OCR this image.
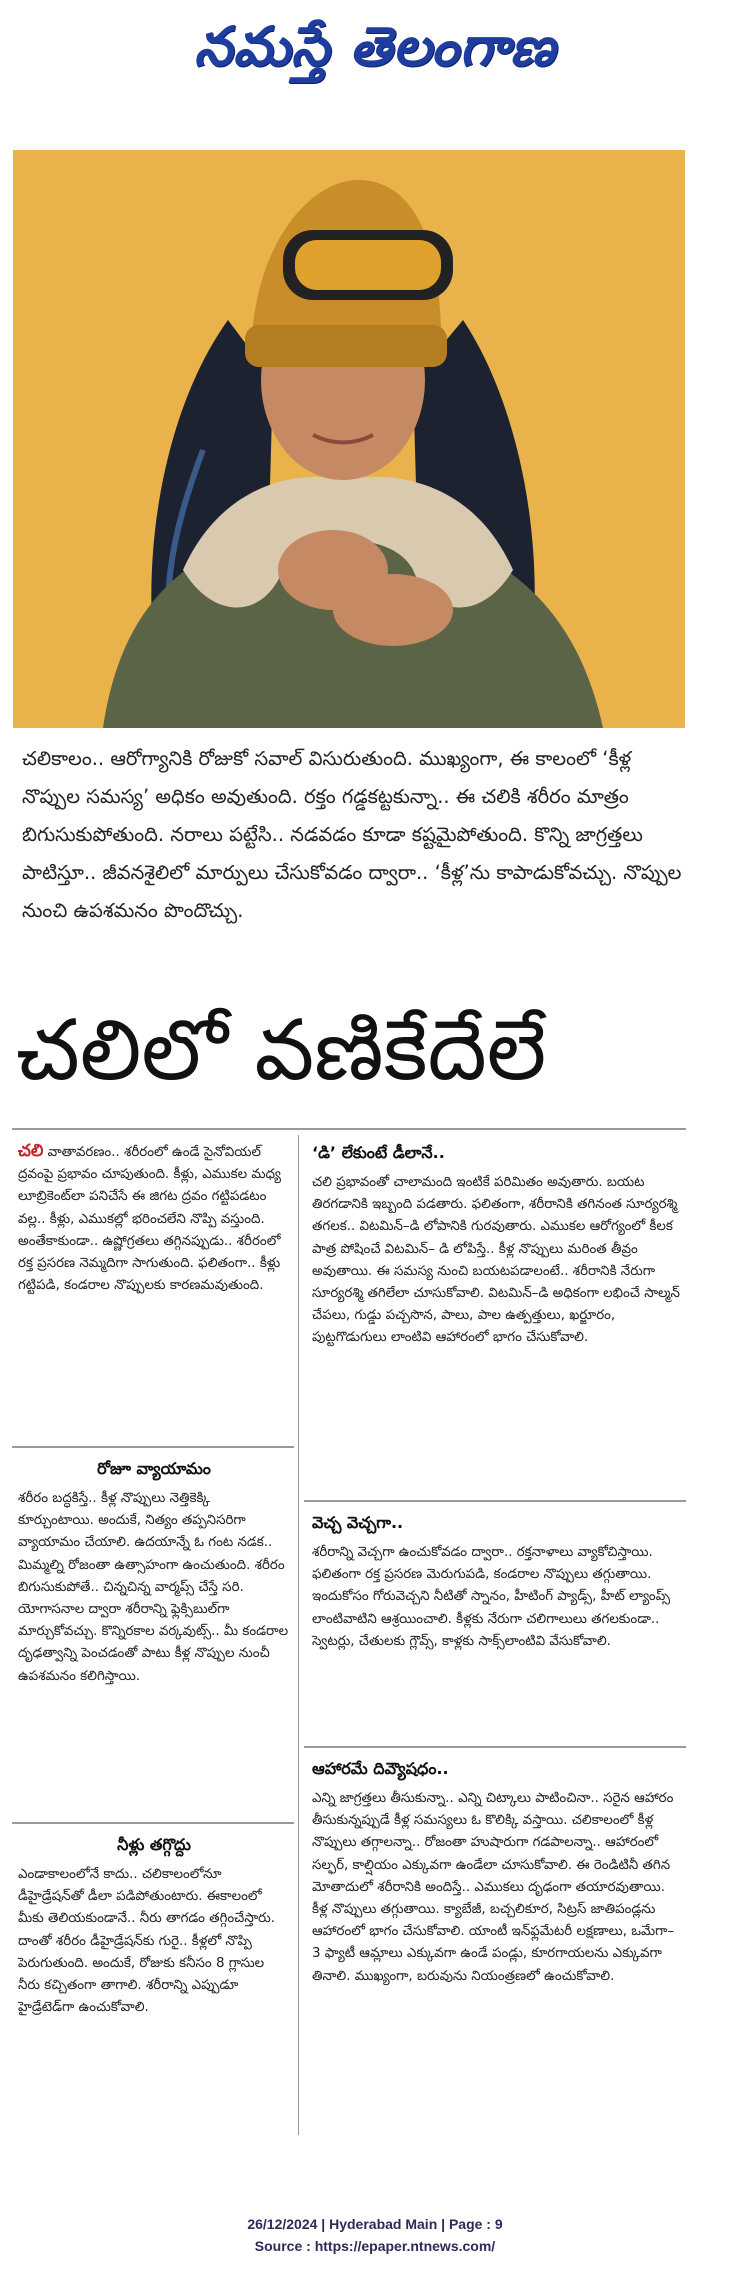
నమస్తే తెలంగాణ

చలికాలం.. ఆరోగ్యానికి రోజుకో సవాల్ విసురుతుంది. ముఖ్యంగా, ఈ కాలంలో ‘కీళ్ల నొప్పుల సమస్య’ అధికం అవుతుంది. రక్తం గడ్డకట్టకున్నా.. ఈ చలికి శరీరం మాత్రం బిగుసుకుపోతుంది. నరాలు పట్టేసి.. నడవడం కూడా కష్టమైపోతుంది. కొన్ని జాగ్రత్తలు పాటిస్తూ.. జీవనశైలిలో మార్పులు చేసుకోవడం ద్వారా.. ‘కీళ్ల’ను కాపాడుకోవచ్చు. నొప్పుల నుంచి ఉపశమనం పొందొచ్చు.

చలిలో వణికేదేలే

చలి వాతావరణం.. శరీరంలో ఉండే సైనోవియల్ ద్రవంపై ప్రభావం చూపుతుంది. కీళ్లు, ఎముకల మధ్య లూబ్రికెంట్‌లా పనిచేసే ఈ జిగట ద్రవం గట్టిపడటం వల్ల.. కీళ్లు, ఎముకల్లో భరించలేని నొప్పి వస్తుంది. అంతేకాకుండా.. ఉష్ణోగ్రతలు తగ్గినప్పుడు.. శరీరంలో రక్త ప్రసరణ నెమ్మదిగా సాగుతుంది. ఫలితంగా.. కీళ్లు గట్టిపడి, కండరాల నొప్పులకు కారణమవుతుంది.

రోజూ వ్యాయామం

శరీరం బద్ధకిస్తే.. కీళ్ల నొప్పులు నెత్తికెక్కి కూర్చుంటాయి. అందుకే, నిత్యం తప్పనిసరిగా వ్యాయామం చేయాలి. ఉదయాన్నే ఓ గంట నడక.. మిమ్మల్ని రోజంతా ఉత్సాహంగా ఉంచుతుంది. శరీరం బిగుసుకుపోతే.. చిన్నచిన్న వార్మప్స్ చేస్తే సరి. యోగాసనాల ద్వారా శరీరాన్ని ఫ్లెక్సిబుల్‌గా మార్చుకోవచ్చు. కొన్నిరకాల వర్కవుట్స్.. మీ కండరాల దృఢత్వాన్ని పెంచడంతో పాటు కీళ్ల నొప్పుల నుంచీ ఉపశమనం కలిగిస్తాయి.

నీళ్లు తగ్గొద్దు

ఎండాకాలంలోనే కాదు.. చలికాలంలోనూ డీహైడ్రేషన్‌తో డీలా పడిపోతుంటారు. ఈకాలంలో మీకు తెలియకుండానే.. నీరు తాగడం తగ్గించేస్తారు. దాంతో శరీరం డీహైడ్రేషన్‌కు గురై.. కీళ్లలో నొప్పి పెరుగుతుంది. అందుకే, రోజుకు కనీసం 8 గ్లాసుల నీరు కచ్చితంగా తాగాలి. శరీరాన్ని ఎప్పుడూ హైడ్రేటెడ్‌గా ఉంచుకోవాలి.

‘డి’ లేకుంటే డీలానే..

చలి ప్రభావంతో చాలామంది ఇంటికే పరిమితం అవుతారు. బయట తిరగడానికి ఇబ్బంది పడతారు. ఫలితంగా, శరీరానికి తగినంత సూర్యరశ్మి తగలక.. విటమిన్–డి లోపానికి గురవుతారు. ఎముకల ఆరోగ్యంలో కీలక పాత్ర పోషించే విటమిన్– డి లోపిస్తే.. కీళ్ల నొప్పులు మరింత తీవ్రం అవుతాయి. ఈ సమస్య నుంచి బయటపడాలంటే.. శరీరానికి నేరుగా సూర్యరశ్మి తగిలేలా చూసుకోవాలి. విటమిన్–డి అధికంగా లభించే సాల్మన్ చేపలు, గుడ్డు పచ్చసొన, పాలు, పాల ఉత్పత్తులు, ఖర్జూరం, పుట్టగొడుగులు లాంటివి ఆహారంలో భాగం చేసుకోవాలి.

వెచ్చ వెచ్చగా..

శరీరాన్ని వెచ్చగా ఉంచుకోవడం ద్వారా.. రక్తనాళాలు వ్యాకోచిస్తాయి. ఫలితంగా రక్త ప్రసరణ మెరుగుపడి, కండరాల నొప్పులు తగ్గుతాయి. ఇందుకోసం గోరువెచ్చని నీటితో స్నానం, హీటింగ్ ప్యాడ్స్, హీట్ ల్యాంప్స్ లాంటివాటిని ఆశ్రయించాలి. కీళ్లకు నేరుగా చలిగాలులు తగలకుండా.. స్వెటర్లు, చేతులకు గ్లౌవ్స్, కాళ్లకు సాక్స్‌లాంటివి వేసుకోవాలి.

ఆహారమే దివ్యౌషధం..

ఎన్ని జాగ్రత్తలు తీసుకున్నా.. ఎన్ని చిట్కాలు పాటించినా.. సరైన ఆహారం తీసుకున్నప్పుడే కీళ్ల సమస్యలు ఓ కొలిక్కి వస్తాయి. చలికాలంలో కీళ్ల నొప్పులు తగ్గాలన్నా.. రోజంతా హుషారుగా గడపాలన్నా.. ఆహారంలో సల్ఫర్, కాల్షియం ఎక్కువగా ఉండేలా చూసుకోవాలి. ఈ రెండిటినీ తగిన మోతాదులో శరీరానికి అందిస్తే.. ఎముకలు దృఢంగా తయారవుతాయి. కీళ్ల నొప్పులు తగ్గుతాయి. క్యాబేజీ, బచ్చలికూర, సిట్రస్ జాతిపండ్లను ఆహారంలో భాగం చేసుకోవాలి. యాంటీ ఇన్‌ఫ్లమేటరీ లక్షణాలు, ఒమేగా–3 ఫ్యాటీ ఆమ్లాలు ఎక్కువగా ఉండే పండ్లు, కూరగాయలను ఎక్కువగా తినాలి. ముఖ్యంగా, బరువును నియంత్రణలో ఉంచుకోవాలి.

26/12/2024 | Hyderabad Main | Page : 9
Source : https://epaper.ntnews.com/
